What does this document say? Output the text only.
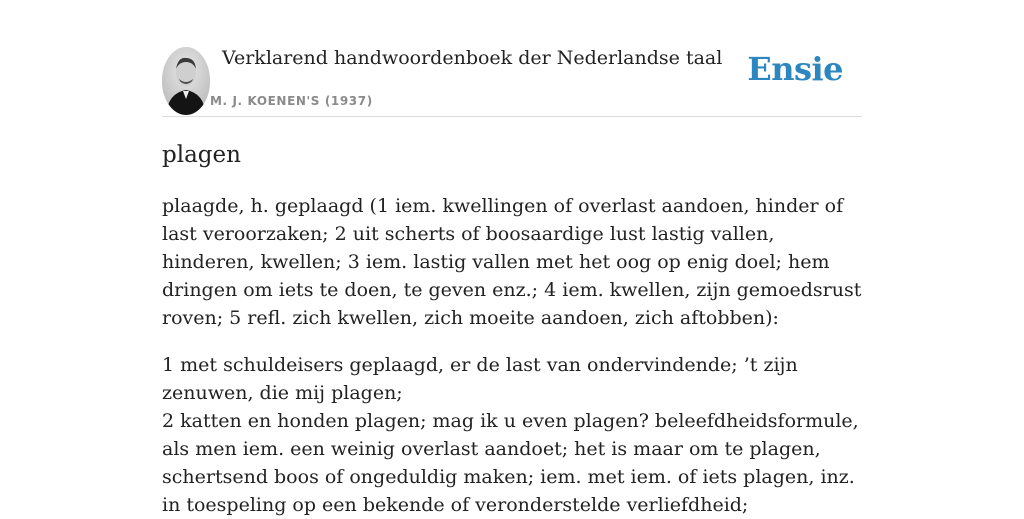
Verklarend handwoordenboek der Nederlandse taal
M. J. KOENEN'S (1937)
Ensie
plagen

plaagde, h. geplaagd (1 iem. kwellingen of overlast aandoen, hinder of last veroorzaken; 2 uit scherts of boosaardige lust lastig vallen, hinderen, kwellen; 3 iem. lastig vallen met het oog op enig doel; hem dringen om iets te doen, te geven enz.; 4 iem. kwellen, zijn gemoedsrust roven; 5 refl. zich kwellen, zich moeite aandoen, zich aftobben):

1 met schuldeisers geplaagd, er de last van ondervindende; ’t zijn zenuwen, die mij plagen;

2 katten en honden plagen; mag ik u even plagen? beleefdheidsformule, als men iem. een weinig overlast aandoet; het is maar om te plagen, schertsend boos of ongeduldig maken; iem. met iem. of iets plagen, inz. in toespeling op een bekende of veronderstelde verliefdheid;
